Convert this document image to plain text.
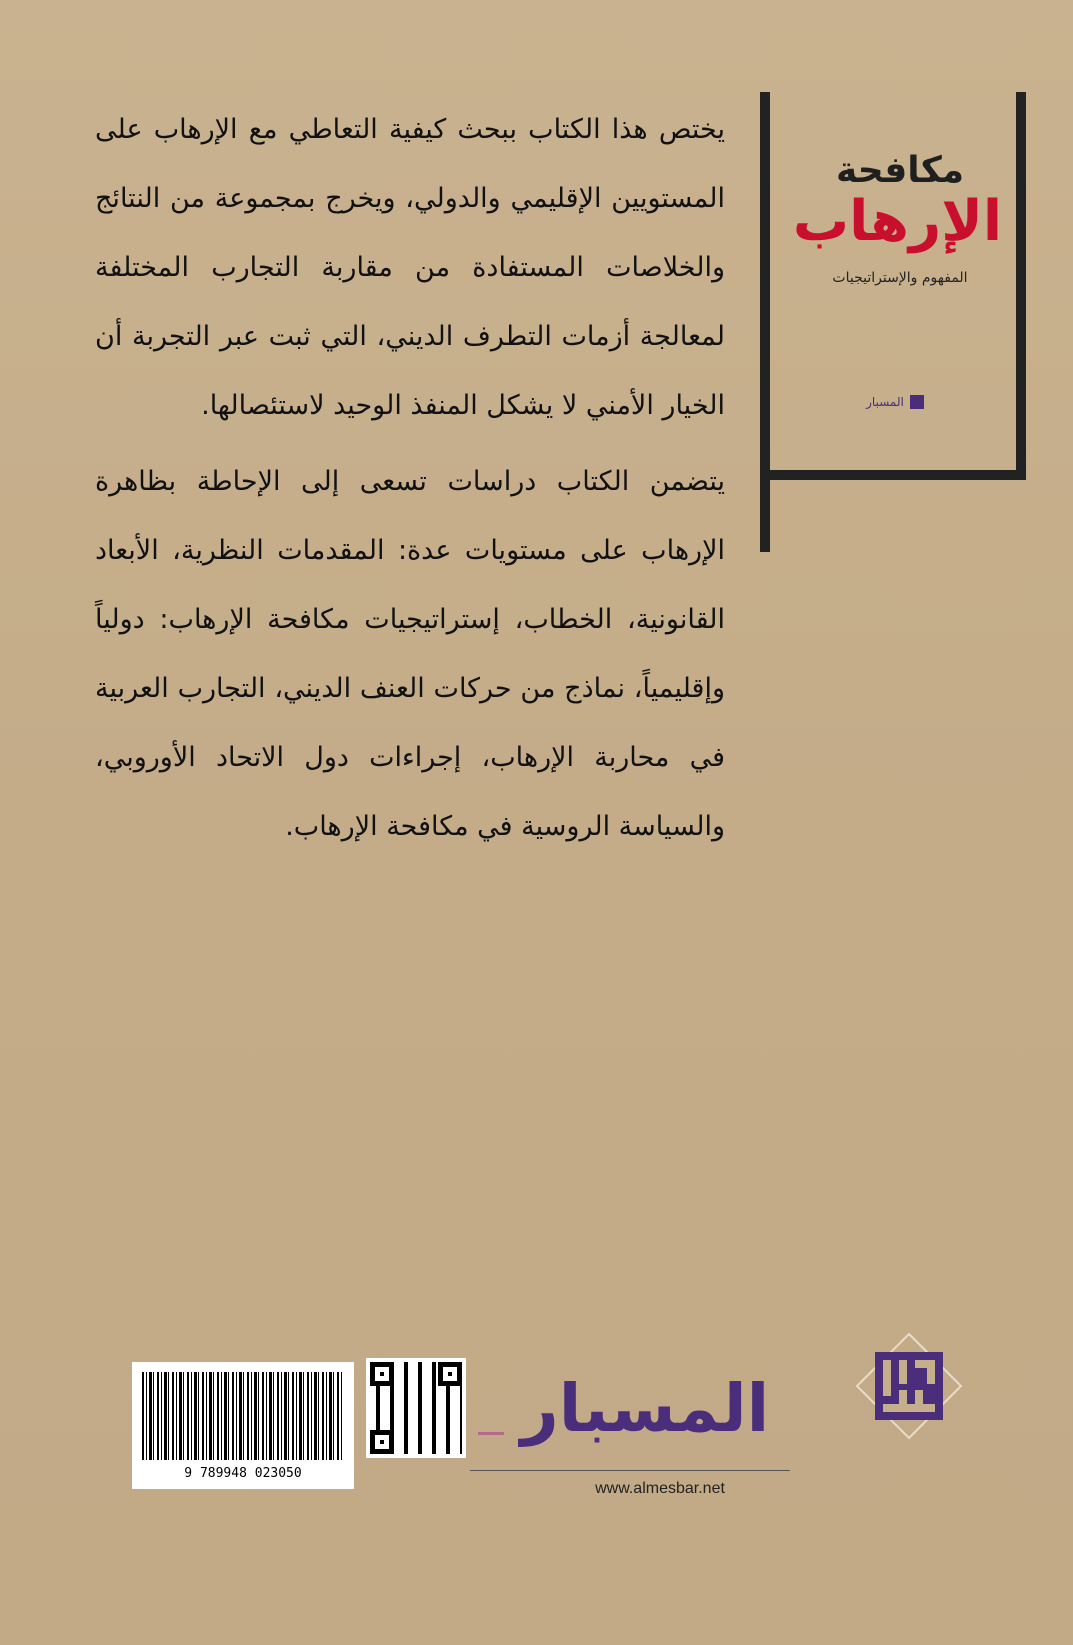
مكافحة
الإرهاب
المفهوم والإستراتيجيات
المسبار
يختص هذا الكتاب ببحث كيفية التعاطي مع الإرهاب على المستويين الإقليمي والدولي، ويخرج بمجموعة من النتائج والخلاصات المستفادة من مقاربة التجارب المختلفة لمعالجة أزمات التطرف الديني، التي ثبت عبر التجربة أن الخيار الأمني لا يشكل المنفذ الوحيد لاستئصالها.
يتضمن الكتاب دراسات تسعى إلى الإحاطة بظاهرة الإرهاب على مستويات عدة: المقدمات النظرية، الأبعاد القانونية، الخطاب، إستراتيجيات مكافحة الإرهاب: دولياً وإقليمياً، نماذج من حركات العنف الديني، التجارب العربية في محاربة الإرهاب، إجراءات دول الاتحاد الأوروبي، والسياسة الروسية في مكافحة الإرهاب.
9 789948 023050
المسبار
www.almesbar.net
